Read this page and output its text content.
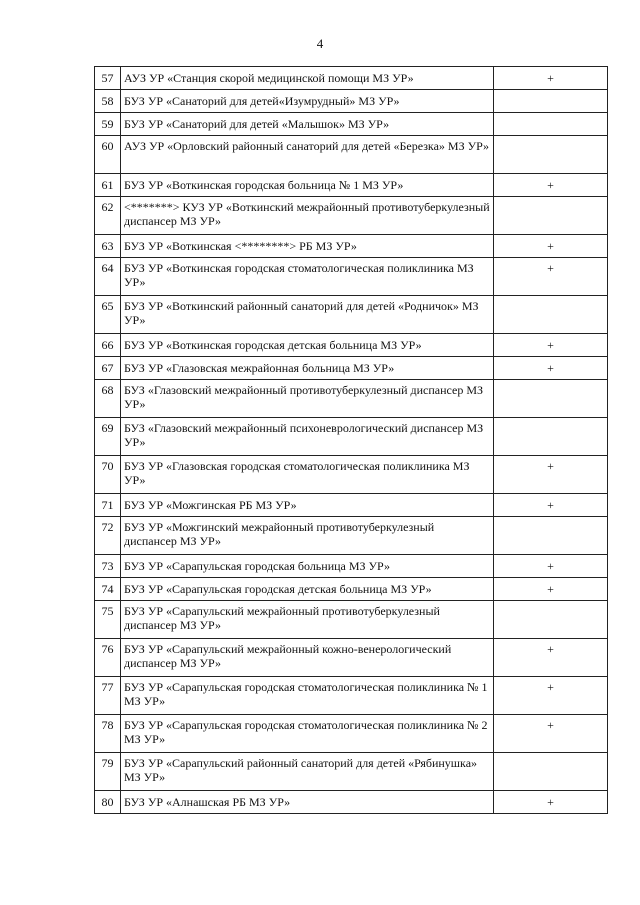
4
57	АУЗ УР «Станция скорой медицинской помощи МЗ УР»	+

58	БУЗ УР «Санаторий для детей«Изумрудный» МЗ УР»	

59	БУЗ УР «Санаторий для детей «Малышок» МЗ УР»	

60	АУЗ УР «Орловский районный санаторий для детей «Березка» МЗ УР»	

61	БУЗ УР «Воткинская городская больница № 1 МЗ УР»	+

62	<*******> КУЗ УР «Воткинский межрайонный противотуберкулезный диспансер МЗ УР»	

63	БУЗ УР «Воткинская <********> РБ МЗ УР»	+

64	БУЗ УР «Воткинская городская стоматологическая поликлиника МЗ УР»	+

65	БУЗ УР «Воткинский районный санаторий для детей «Родничок» МЗ УР»	

66	БУЗ УР «Воткинская городская детская больница МЗ УР»	+

67	БУЗ УР «Глазовская межрайонная больница МЗ УР»	+

68	БУЗ «Глазовский межрайонный противотуберкулезный диспансер МЗ УР»	

69	БУЗ «Глазовский межрайонный психоневрологический диспансер МЗ УР»	

70	БУЗ УР «Глазовская городская стоматологическая поликлиника МЗ УР»	+

71	БУЗ УР «Можгинская РБ МЗ УР»	+

72	БУЗ УР «Можгинский межрайонный противотуберкулезный диспансер МЗ УР»	

73	БУЗ УР «Сарапульская городская больница МЗ УР»	+

74	БУЗ УР «Сарапульская городская детская больница МЗ УР»	+

75	БУЗ УР «Сарапульский межрайонный противотуберкулезный диспансер МЗ УР»	

76	БУЗ УР «Сарапульский межрайонный кожно-венерологический диспансер МЗ УР»	+

77	БУЗ УР «Сарапульская городская стоматологическая поликлиника № 1 МЗ УР»	+

78	БУЗ УР «Сарапульская городская стоматологическая поликлиника № 2 МЗ УР»	+

79	БУЗ УР «Сарапульский районный санаторий для детей «Рябинушка» МЗ УР»	

80	БУЗ УР «Алнашская РБ МЗ УР»	+
